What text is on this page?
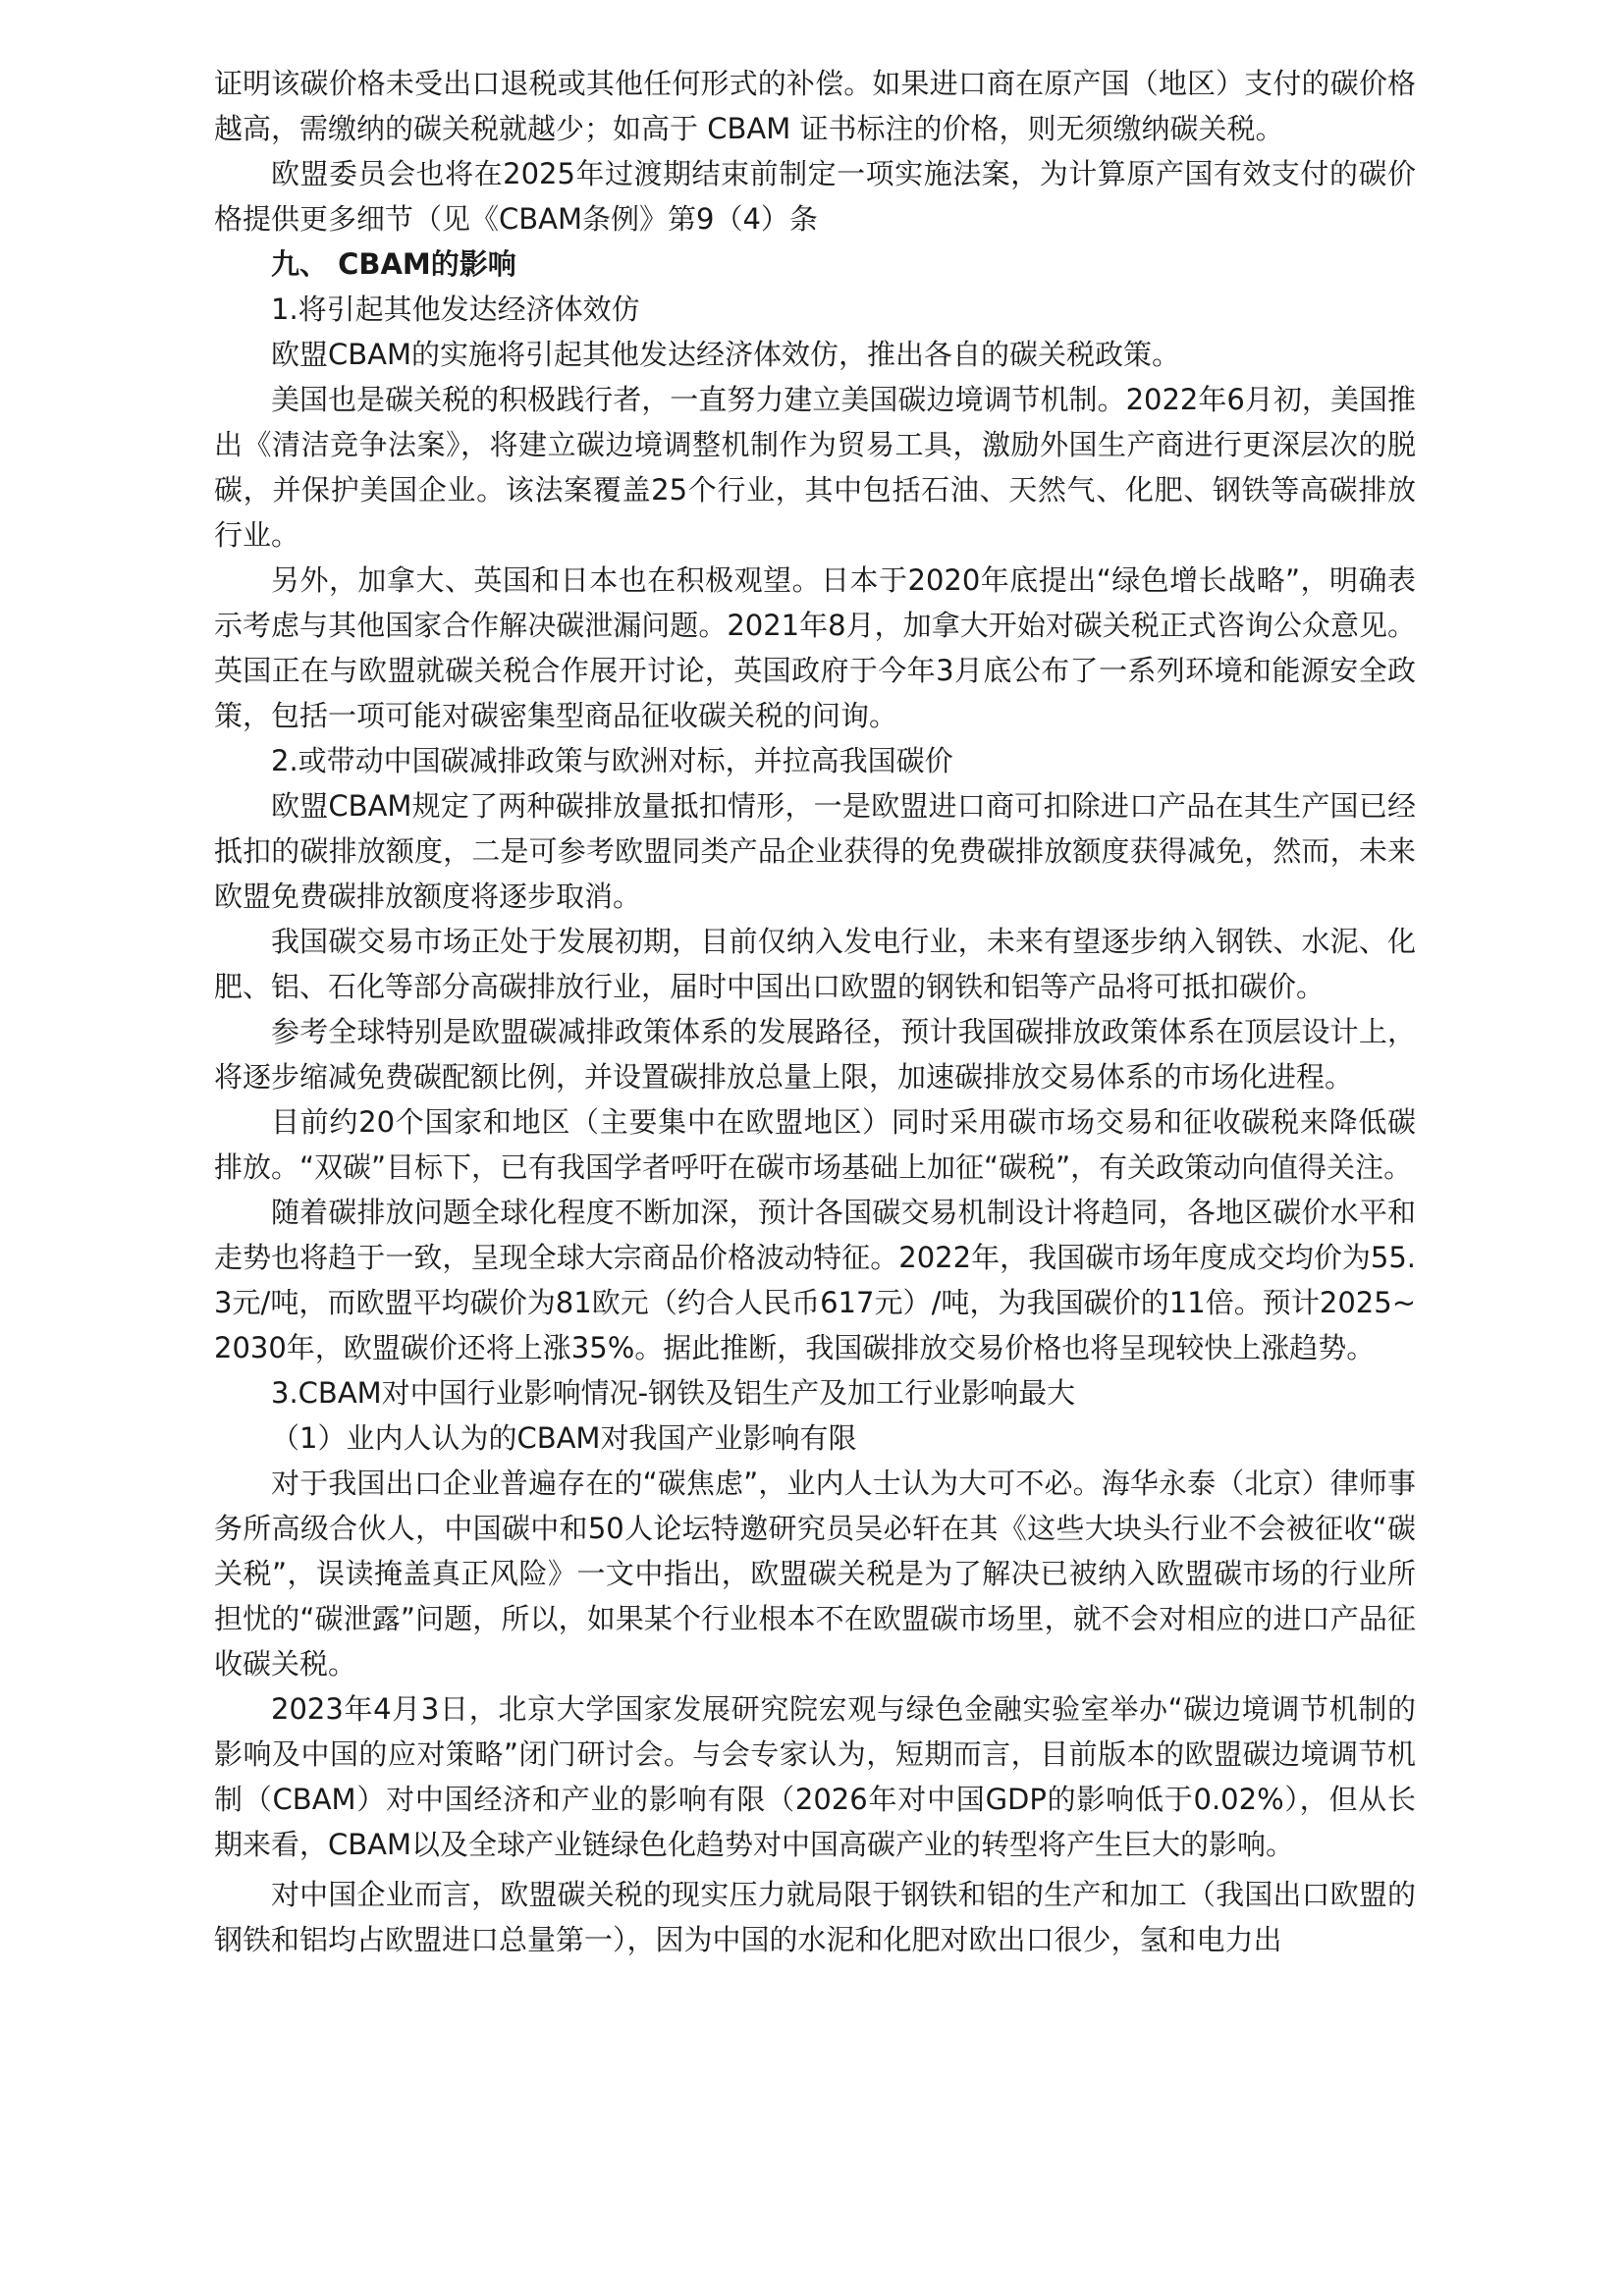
证明该碳价格未受出口退税或其他任何形式的补偿。如果进口商在原产国（地区）支付的碳价格越高，需缴纳的碳关税就越少；如高于 CBAM 证书标注的价格，则无须缴纳碳关税。

欧盟委员会也将在2025年过渡期结束前制定一项实施法案，为计算原产国有效支付的碳价格提供更多细节（见《CBAM条例》第9（4）条

九、 CBAM的影响

1.将引起其他发达经济体效仿

欧盟CBAM的实施将引起其他发达经济体效仿，推出各自的碳关税政策。

美国也是碳关税的积极践行者，一直努力建立美国碳边境调节机制。2022年6月初，美国推出《清洁竞争法案》，将建立碳边境调整机制作为贸易工具，激励外国生产商进行更深层次的脱碳，并保护美国企业。该法案覆盖25个行业，其中包括石油、天然气、化肥、钢铁等高碳排放行业。

另外，加拿大、英国和日本也在积极观望。日本于2020年底提出“绿色增长战略”，明确表示考虑与其他国家合作解决碳泄漏问题。2021年8月，加拿大开始对碳关税正式咨询公众意见。英国正在与欧盟就碳关税合作展开讨论，英国政府于今年3月底公布了一系列环境和能源安全政策，包括一项可能对碳密集型商品征收碳关税的问询。

2.或带动中国碳减排政策与欧洲对标，并拉高我国碳价

欧盟CBAM规定了两种碳排放量抵扣情形，一是欧盟进口商可扣除进口产品在其生产国已经抵扣的碳排放额度，二是可参考欧盟同类产品企业获得的免费碳排放额度获得减免，然而，未来欧盟免费碳排放额度将逐步取消。

我国碳交易市场正处于发展初期，目前仅纳入发电行业，未来有望逐步纳入钢铁、水泥、化肥、铝、石化等部分高碳排放行业，届时中国出口欧盟的钢铁和铝等产品将可抵扣碳价。

参考全球特别是欧盟碳减排政策体系的发展路径，预计我国碳排放政策体系在顶层设计上，将逐步缩减免费碳配额比例，并设置碳排放总量上限，加速碳排放交易体系的市场化进程。

目前约20个国家和地区（主要集中在欧盟地区）同时采用碳市场交易和征收碳税来降低碳排放。“双碳”目标下，已有我国学者呼吁在碳市场基础上加征“碳税”，有关政策动向值得关注。

随着碳排放问题全球化程度不断加深，预计各国碳交易机制设计将趋同，各地区碳价水平和走势也将趋于一致，呈现全球大宗商品价格波动特征。2022年，我国碳市场年度成交均价为55.3元/吨，而欧盟平均碳价为81欧元（约合人民币617元）/吨，为我国碳价的11倍。预计2025~2030年，欧盟碳价还将上涨35%。据此推断，我国碳排放交易价格也将呈现较快上涨趋势。

3.CBAM对中国行业影响情况-钢铁及铝生产及加工行业影响最大

（1）业内人认为的CBAM对我国产业影响有限

对于我国出口企业普遍存在的“碳焦虑”，业内人士认为大可不必。海华永泰（北京）律师事务所高级合伙人，中国碳中和50人论坛特邀研究员吴必轩在其《这些大块头行业不会被征收“碳关税”，误读掩盖真正风险》一文中指出，欧盟碳关税是为了解决已被纳入欧盟碳市场的行业所担忧的“碳泄露”问题，所以，如果某个行业根本不在欧盟碳市场里，就不会对相应的进口产品征收碳关税。

2023年4月3日，北京大学国家发展研究院宏观与绿色金融实验室举办“碳边境调节机制的影响及中国的应对策略”闭门研讨会。与会专家认为，短期而言，目前版本的欧盟碳边境调节机制（CBAM）对中国经济和产业的影响有限（2026年对中国GDP的影响低于0.02%），但从长期来看，CBAM以及全球产业链绿色化趋势对中国高碳产业的转型将产生巨大的影响。

对中国企业而言，欧盟碳关税的现实压力就局限于钢铁和铝的生产和加工（我国出口欧盟的钢铁和铝均占欧盟进口总量第一），因为中国的水泥和化肥对欧出口很少，氢和电力出
